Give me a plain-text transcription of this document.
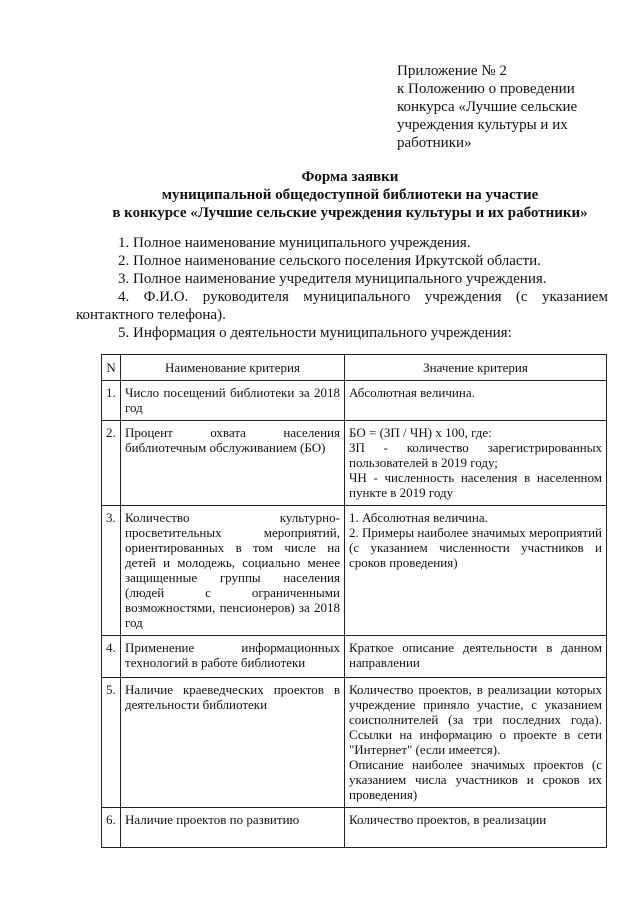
Приложение № 2
к Положению о проведении
конкурса «Лучшие сельские
учреждения культуры и их
работники»
Форма заявки
муниципальной общедоступной библиотеки на участие
в конкурсе «Лучшие сельские учреждения культуры и их работники»
1. Полное наименование муниципального учреждения.
2. Полное наименование сельского поселения Иркутской области.
3. Полное наименование учредителя муниципального учреждения.
4. Ф.И.О. руководителя муниципального учреждения (с указанием
контактного телефона).
5. Информация о деятельности муниципального учреждения:
N	Наименование критерия	Значение критерия
1.	Число посещений библиотеки за 2018 год	Абсолютная величина.

2.	Процент охвата населения библиотечным обслуживанием (БО)	БО = (ЗП / ЧН) х 100, где:

ЗП - количество зарегистрированных пользователей в 2019 году;

ЧН - численность населения в населенном пункте в 2019 году

3.	Количество культурно-просветительных мероприятий, ориентированных в том числе на детей и молодежь, социально менее защищенные группы населения (людей с ограниченными возможностями, пенсионеров) за 2018 год	1. Абсолютная величина.

2. Примеры наиболее значимых мероприятий (с указанием численности участников и сроков проведения)

4.	Применение информационных технологий в работе библиотеки	Краткое описание деятельности в данном направлении

5.	Наличие краеведческих проектов в деятельности библиотеки	Количество проектов, в реализации которых учреждение приняло участие, с указанием соисполнителей (за три последних года). Ссылки на информацию о проекте в сети "Интернет" (если имеется).

Описание наиболее значимых проектов (с указанием числа участников и сроков их проведения)

6.	Наличие проектов по развитию	Количество проектов, в реализации
